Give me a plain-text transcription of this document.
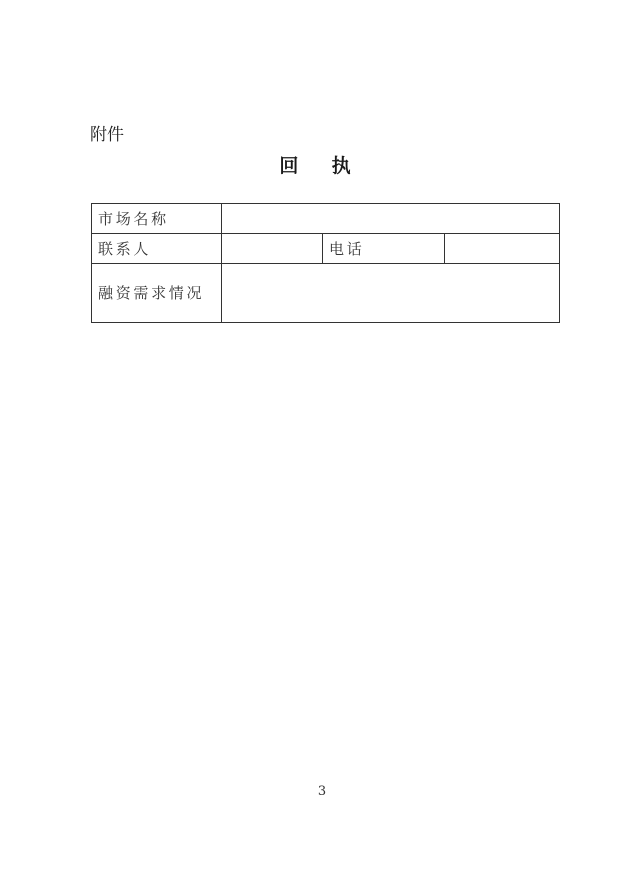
附件
回 执
市场名称			
联系人		电话	
融资需求情况			
3
